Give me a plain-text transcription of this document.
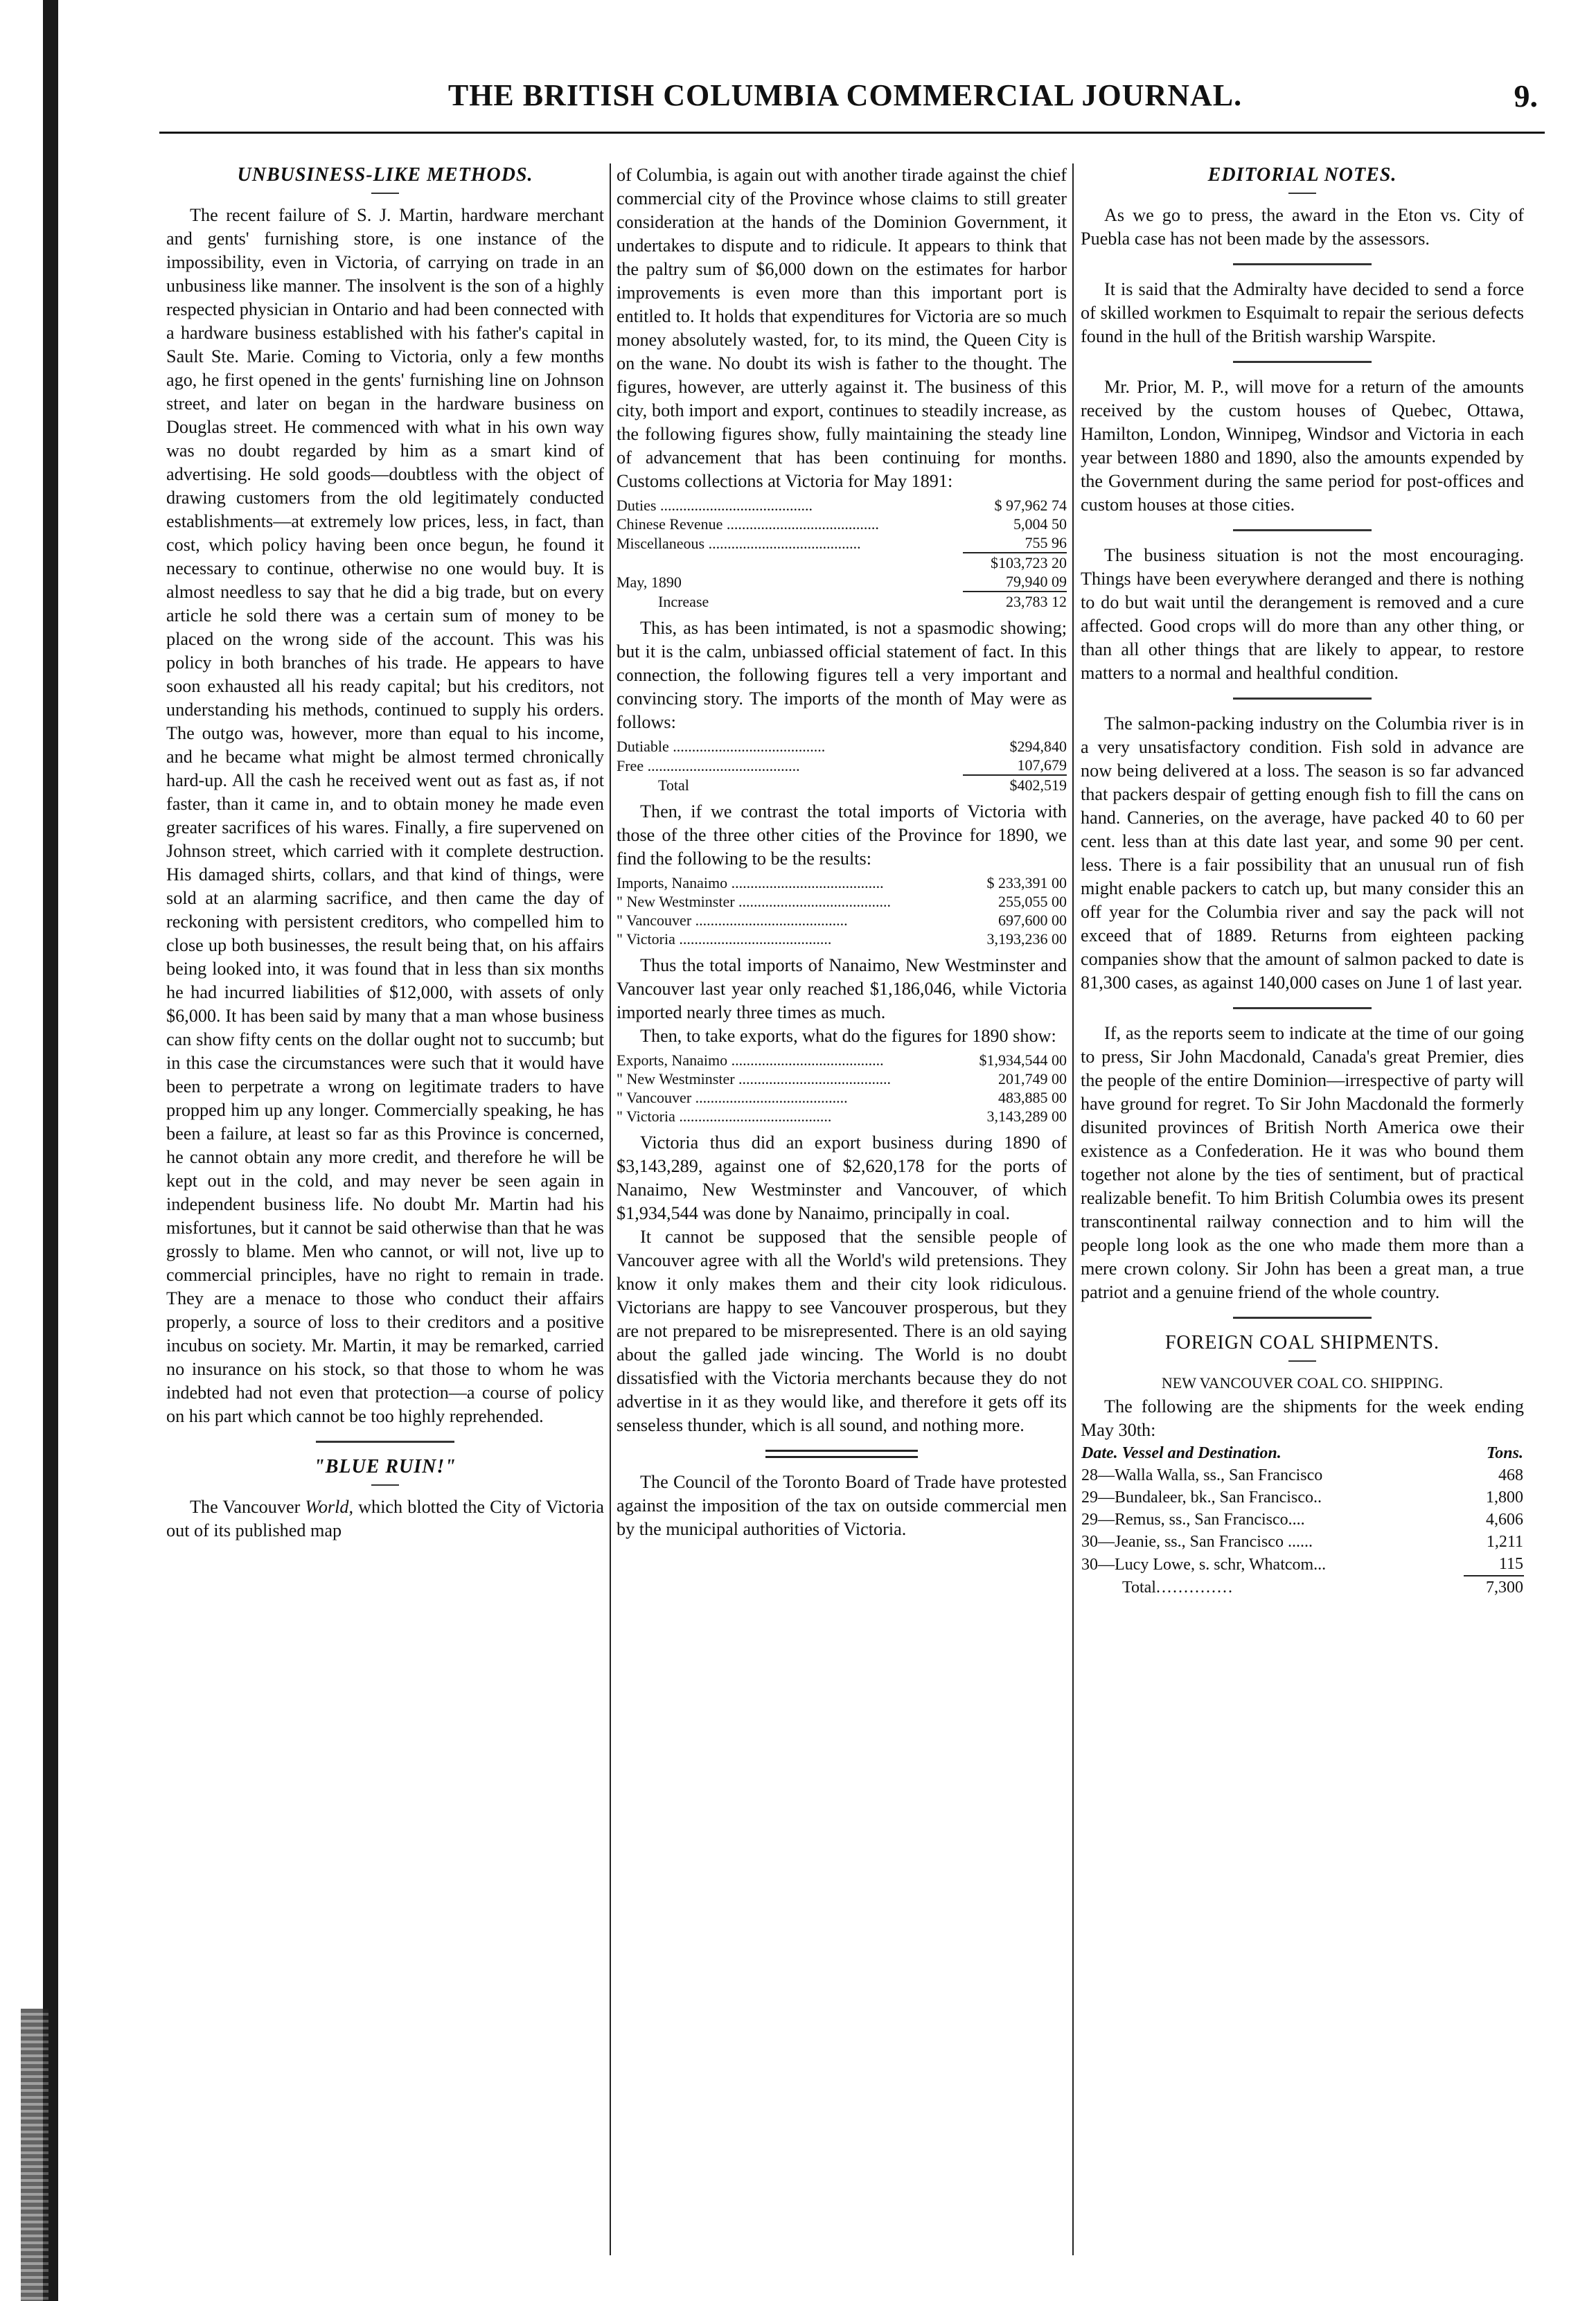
THE BRITISH COLUMBIA COMMERCIAL JOURNAL.	9.
UNBUSINESS-LIKE METHODS.

The recent failure of S. J. Martin, hardware merchant and gents' furnishing store, is one instance of the impossibility, even in Victoria, of carrying on trade in an unbusiness like manner. The insolvent is the son of a highly respected physician in Ontario and had been connected with a hardware business established with his father's capital in Sault Ste. Marie. Coming to Victoria, only a few months ago, he first opened in the gents' furnishing line on Johnson street, and later on began in the hardware business on Douglas street. He commenced with what in his own way was no doubt regarded by him as a smart kind of advertising. He sold goods—doubtless with the object of drawing customers from the old legitimately conducted establishments—at extremely low prices, less, in fact, than cost, which policy having been once begun, he found it necessary to continue, otherwise no one would buy. It is almost needless to say that he did a big trade, but on every article he sold there was a certain sum of money to be placed on the wrong side of the account. This was his policy in both branches of his trade. He appears to have soon exhausted all his ready capital; but his creditors, not understanding his methods, continued to supply his orders. The outgo was, however, more than equal to his income, and he became what might be almost termed chronically hard-up. All the cash he received went out as fast as, if not faster, than it came in, and to obtain money he made even greater sacrifices of his wares. Finally, a fire supervened on Johnson street, which carried with it complete destruction. His damaged shirts, collars, and that kind of things, were sold at an alarming sacrifice, and then came the day of reckoning with persistent creditors, who compelled him to close up both businesses, the result being that, on his affairs being looked into, it was found that in less than six months he had incurred liabilities of $12,000, with assets of only $6,000. It has been said by many that a man whose business can show fifty cents on the dollar ought not to succumb; but in this case the circumstances were such that it would have been to perpetrate a wrong on legitimate traders to have propped him up any longer. Commercially speaking, he has been a failure, at least so far as this Province is concerned, he cannot obtain any more credit, and therefore he will be kept out in the cold, and may never be seen again in independent business life. No doubt Mr. Martin had his misfortunes, but it cannot be said otherwise than that he was grossly to blame. Men who cannot, or will not, live up to commercial principles, have no right to remain in trade. They are a menace to those who conduct their affairs properly, a source of loss to their creditors and a positive incubus on society. Mr. Martin, it may be remarked, carried no insurance on his stock, so that those to whom he was indebted had not even that protection—a course of policy on his part which cannot be too highly reprehended.

"BLUE RUIN!"

The Vancouver World, which blotted the City of Victoria out of its published map

of Columbia, is again out with another tirade against the chief commercial city of the Province whose claims to still greater consideration at the hands of the Dominion Government, it undertakes to dispute and to ridicule. It appears to think that the paltry sum of $6,000 down on the estimates for harbor improvements is even more than this important port is entitled to. It holds that expenditures for Victoria are so much money absolutely wasted, for, to its mind, the Queen City is on the wane. No doubt its wish is father to the thought. The figures, however, are utterly against it. The business of this city, both import and export, continues to steadily increase, as the following figures show, fully maintaining the steady line of advancement that has been continuing for months. Customs collections at Victoria for May 1891:

Duties ........................................	$ 97,962 74
Chinese Revenue ........................................	5,004 50
Miscellaneous ........................................	755 96
	$103,723 20
May, 1890	79,940 09
Increase	23,783 12

This, as has been intimated, is not a spasmodic showing; but it is the calm, unbiassed official statement of fact. In this connection, the following figures tell a very important and convincing story. The imports of the month of May were as follows:

Dutiable ........................................	$294,840
Free ........................................	107,679
Total	$402,519

Then, if we contrast the total imports of Victoria with those of the three other cities of the Province for 1890, we find the following to be the results:

Imports, Nanaimo ........................................	$ 233,391 00
" New Westminster ........................................	255,055 00
" Vancouver ........................................	697,600 00
" Victoria ........................................	3,193,236 00

Thus the total imports of Nanaimo, New Westminster and Vancouver last year only reached $1,186,046, while Victoria imported nearly three times as much.

Then, to take exports, what do the figures for 1890 show:

Exports, Nanaimo ........................................	$1,934,544 00
" New Westminster ........................................	201,749 00
" Vancouver ........................................	483,885 00
" Victoria ........................................	3,143,289 00

Victoria thus did an export business during 1890 of $3,143,289, against one of $2,620,178 for the ports of Nanaimo, New Westminster and Vancouver, of which $1,934,544 was done by Nanaimo, principally in coal.

It cannot be supposed that the sensible people of Vancouver agree with all the World's wild pretensions. They know it only makes them and their city look ridiculous. Victorians are happy to see Vancouver prosperous, but they are not prepared to be misrepresented. There is an old saying about the galled jade wincing. The World is no doubt dissatisfied with the Victoria merchants because they do not advertise in it as they would like, and therefore it gets off its senseless thunder, which is all sound, and nothing more.

The Council of the Toronto Board of Trade have protested against the imposition of the tax on outside commercial men by the municipal authorities of Victoria.

EDITORIAL NOTES.

As we go to press, the award in the Eton vs. City of Puebla case has not been made by the assessors.

It is said that the Admiralty have decided to send a force of skilled workmen to Esquimalt to repair the serious defects found in the hull of the British warship Warspite.

Mr. Prior, M. P., will move for a return of the amounts received by the custom houses of Quebec, Ottawa, Hamilton, London, Winnipeg, Windsor and Victoria in each year between 1880 and 1890, also the amounts expended by the Government during the same period for post-offices and custom houses at those cities.

The business situation is not the most encouraging. Things have been everywhere deranged and there is nothing to do but wait until the derangement is removed and a cure affected. Good crops will do more than any other thing, or than all other things that are likely to appear, to restore matters to a normal and healthful condition.

The salmon-packing industry on the Columbia river is in a very unsatisfactory condition. Fish sold in advance are now being delivered at a loss. The season is so far advanced that packers despair of getting enough fish to fill the cans on hand. Canneries, on the average, have packed 40 to 60 per cent. less than at this date last year, and some 90 per cent. less. There is a fair possibility that an unusual run of fish might enable packers to catch up, but many consider this an off year for the Columbia river and say the pack will not exceed that of 1889. Returns from eighteen packing companies show that the amount of salmon packed to date is 81,300 cases, as against 140,000 cases on June 1 of last year.

If, as the reports seem to indicate at the time of our going to press, Sir John Macdonald, Canada's great Premier, dies the people of the entire Dominion—irrespective of party will have ground for regret. To Sir John Macdonald the formerly disunited provinces of British North America owe their existence as a Confederation. He it was who bound them together not alone by the ties of sentiment, but of practical realizable benefit. To him British Columbia owes its present transcontinental railway connection and to him will the people long look as the one who made them more than a mere crown colony. Sir John has been a great man, a true patriot and a genuine friend of the whole country.

FOREIGN COAL SHIPMENTS.
NEW VANCOUVER COAL CO. SHIPPING.

The following are the shipments for the week ending May 30th:

Date. Vessel and Destination.	Tons.
28—Walla Walla, ss., San Francisco	468
29—Bundaleer, bk., San Francisco..	1,800
29—Remus, ss., San Francisco....	4,606
30—Jeanie, ss., San Francisco ......	1,211
30—Lucy Lowe, s. schr, Whatcom...	115
Total..............	7,300
